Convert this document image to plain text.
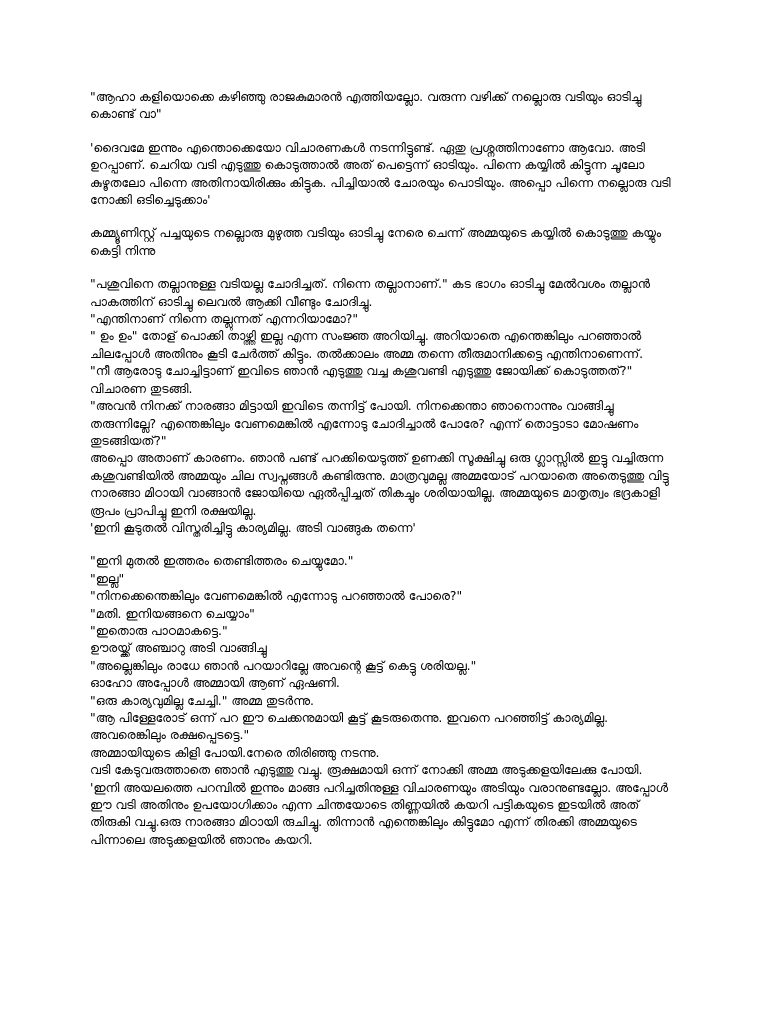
"ആഹാ കളിയൊക്കെ കഴിഞ്ഞു രാജകുമാരൻ എത്തിയല്ലോ. വരുന്ന വഴിക്ക് നല്ലൊരു വടിയും ഓടിച്ചു കൊണ്ട് വാ"

'ദൈവമേ ഇന്നും എന്തൊക്കെയോ വിചാരണകൾ നടന്നിട്ടുണ്ട്. ഏതു പ്രശ്നത്തിനാണോ ആവോ. അടി ഉറപ്പാണ്. ചെറിയ വടി എടുത്തു കൊടുത്താൽ അത് പെട്ടെന്ന് ഓടിയും. പിന്നെ കയ്യിൽ കിട്ടുന്ന ചൂലോ കുഴൂതലോ പിന്നെ അതിനായിരിക്കും കിട്ടുക. പിച്ചിയാൽ ചോരയും പൊടിയും. അപ്പൊ പിന്നെ നല്ലൊരു വടി നോക്കി ഒടിച്ചെടുക്കാം'

കമ്മ്യൂണിസ്റ്റ് പച്ചയുടെ നല്ലൊരു മുഴുത്ത വടിയും ഓടിച്ചു നേരെ ചെന്ന് അമ്മയുടെ കയ്യിൽ കൊടുത്തു കയ്യും കെട്ടി നിന്നു

"പശുവിനെ തല്ലാനുള്ള വടിയല്ല ചോദിച്ചത്. നിന്നെ തല്ലാനാണ്." കട ഭാഗം ഓടിച്ചു മേൽവശം തല്ലാൻ പാകത്തിന് ഓടിച്ചു ലെവൽ ആക്കി വീണ്ടും ചോദിച്ചു.

"എന്തിനാണ് നിന്നെ തല്ലുന്നത് എന്നറിയാമോ?"

" ഉം ഉം" തോള് പൊക്കി താഴ്ത്തി ഇല്ല എന്ന സംജ്ഞ അറിയിച്ചു. അറിയാതെ എന്തെങ്കിലും പറഞ്ഞാൽ ചിലപ്പോൾ അതിനും കൂടി ചേർത്ത് കിട്ടും. തൽക്കാലം അമ്മ തന്നെ തീരുമാനിക്കട്ടെ എന്തിനാണെന്ന്.

"നീ ആരോടു ചോച്ചിട്ടാണ് ഇവിടെ ഞാൻ എടുത്തു വച്ച കശുവണ്ടി എടുത്തു ജോയിക്ക് കൊടുത്തത്?"

വിചാരണ തുടങ്ങി.

"അവൻ നിനക്ക് നാരങ്ങാ മിട്ടായി ഇവിടെ തന്നിട്ട് പോയി. നിനക്കെന്താ ഞാനൊന്നും വാങ്ങിച്ചു തരുന്നില്ലേ? എന്തെങ്കിലും വേണമെങ്കിൽ എന്നോടു ചോദിച്ചാൽ പോരേ? എന്ന് തൊട്ടാടാ മോഷണം തുടങ്ങിയത്?"

അപ്പൊ അതാണ് കാരണം. ഞാൻ പണ്ട് പറക്കിയെടുത്ത് ഉണക്കി സൂക്ഷിച്ചു ഒരു ഗ്ലാസ്സിൽ ഇട്ടു വച്ചിരുന്ന കശുവണ്ടിയിൽ അമ്മയും ചില സ്വപ്നങ്ങൾ കണ്ടിരുന്നു. മാത്രവുമല്ല അമ്മയോട് പറയാതെ അതെടുത്തു വിട്ടു നാരങ്ങാ മിഠായി വാങ്ങാൻ ജോയിയെ ഏൽപ്പിച്ചത് തികച്ചും ശരിയായില്ല. അമ്മയുടെ മാതൃത്വം ഭദ്രകാളി രൂപം പ്രാപിച്ചു ഇനി രക്ഷയില്ല.

'ഇനി കൂടുതൽ വിസ്തരിച്ചിട്ടു കാര്യമില്ല. അടി വാങ്ങുക തന്നെ'

"ഇനി മുതൽ ഇത്തരം തെണ്ടിത്തരം ചെയ്യുമോ."

"ഇല്ല"

"നിനക്കെന്തെങ്കിലും വേണമെങ്കിൽ എന്നോടു പറഞ്ഞാൽ പോരെ?"

"മതി. ഇനിയങ്ങനെ ചെയ്യാം"

"ഇതൊരു പാഠമാകട്ടെ."

ഊരയ്ക്ക് അഞ്ചാറു അടി വാങ്ങിച്ചു

"അല്ലെങ്കിലും രാധേ ഞാൻ പറയാറില്ലേ അവന്റെ കൂട്ട് കെട്ടു ശരിയല്ല."

ഓഹോ അപ്പോൾ അമ്മായി ആണ് ഏഷണി.

"ഒരു കാര്യവുമില്ല ചേച്ചി." അമ്മ തുടർന്നു.

"ആ പിള്ളേരോട് ഒന്ന് പറ ഈ ചെക്കനുമായി കൂട്ട് കൂടരുതെന്നു. ഇവനെ പറഞ്ഞിട്ട് കാര്യമില്ല. അവരെങ്കിലും രക്ഷപ്പെടട്ടെ."

അമ്മായിയുടെ കിളി പോയി.നേരെ തിരിഞ്ഞു നടന്നു.

വടി കേടുവരുത്താതെ ഞാൻ എടുത്തു വച്ചു. രൂക്ഷമായി ഒന്ന് നോക്കി അമ്മ അടുക്കളയിലേക്കു പോയി.

'ഇനി അയലത്തെ പറമ്പിൽ ഇന്നും മാങ്ങ പറിച്ചതിനുള്ള വിചാരണയും അടിയും വരാനുണ്ടല്ലോ. അപ്പോൾ ഈ വടി അതിനും ഉപയോഗിക്കാം എന്ന ചിന്തയോടെ തിണ്ണയിൽ കയറി പട്ടികയുടെ ഇടയിൽ അത് തിരുകി വച്ചു.ഒരു നാരങ്ങാ മിഠായി രുചിച്ചു. തിന്നാൻ എന്തെങ്കിലും കിട്ടുമോ എന്ന് തിരക്കി അമ്മയുടെ പിന്നാലെ അടുക്കളയിൽ ഞാനും കയറി.
